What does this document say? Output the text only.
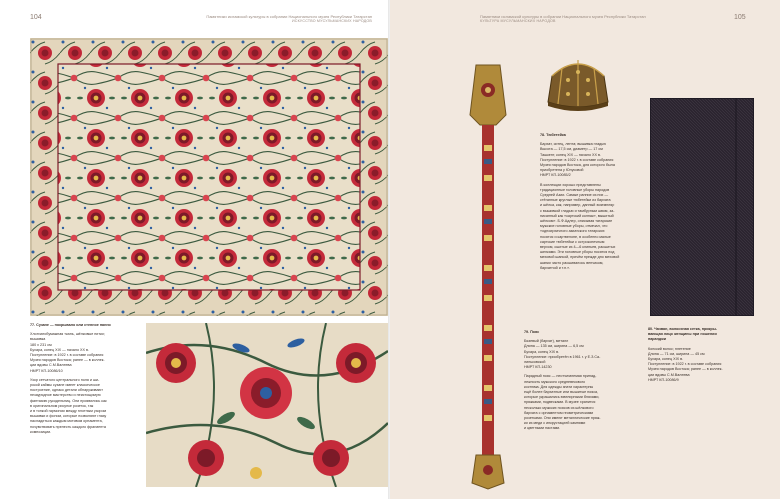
104	Памятники исламской культуры в собрании Национального музея Республики Татарстан
ИСКУССТВО МУСУЛЬМАНСКИХ НАРОДОВ

77. Сузане — покрывало или стенное панно

Хлопчатобумажная ткань, шёлковые нитки;
вышивка
180 х 231 см
Бухара, конец XIX — начало XX в.
Поступление: в 1922 г. в составе собрания
Музея народов Востока; ранее — в коллек-
ции вдовы С.М.Валеева
НМРТ КП-10086/10

Узор сетчатого центрального поля и ши-
рокой каймы сузане имеет классическое
построение, однако детали обнаруживают
незаурядное мастерство и неистощимую
фантазию рукодельниц. Они проявились как
в оригинальном рисунке розеток, так
и в тонкой гармонии между плотным узором
вышивки и фоном, которые позволяют глазу
насладиться каждым мотивом орнамента,
почувствовать прелесть каждого фрагмента
композиции.

105
Памятники исламской культуры в собрании Национального музея Республики Татарстан
КУЛЬТУРА МУСУЛЬМАНСКИХ НАРОДОВ

78. Тюбетейка

Бархат, ситец, лента; вышивка гладью
Высота — 17,5 см, диаметр — 17 см
Ташкент, конец XIX — начало XX в.
Поступление: в 1922 г. в составе собрания
Музея народов Востока, для которого была
приобретена у Юнусовой
НМРТ КП-10085/2

В коллекции хорошо представлены
традиционные головные уборы народов
Средней Азии. Самые ранние из них —
стёганные круглые тюбетейки из бархата
и шёлка, как, например, данный экземпляр
с вышивкой гладью и тамбурным швом, за-
писанный как «картский колпак», вышитый
шёлком». Б.Ф.Адлер, описывая татарские
мужские головные уборы, отмечал, что
«одноирхичного азиатского татарских
носятся и картвелоне, в особенно малые
сартские тюбетейки с остроконечным
верхом, сшитые из 4—6 клиньев, расшитых
шелками. Эти головные уборы носятся под
меховой шапкой, причём прежде дно меховой
шапки часто расшивалось венчиком,
бархатной и т.п.».

79. Пояс

Бязевый (бархат), металл
Длина — 135 см, ширина — 6,5 см
Бухара, конец XIX в.
Поступление: приобретён в 1961 г. у Е.З.Са-
линьковской
НМРТ КП-14230

Парадный пояс — неотъемлемая принад-
лежность мужского средневекового
костюма. Для одежды знати характерны
ещё более бархатные или вышитые пояса,
которые украшались ювелирными бляхами,
пряжками, подвесками. В музее хранится
несколько мужских поясов из шёлкового
бархата с орнаментом геометрическими
розетками. Они имеют металлические пряж-
ки из меди с инкрустацией камнями
и цветными пастами.

80. Чачван, волосяная сетка, прикры-
вающая лицо женщины при ношении
паранджи

Конский волос; плетение
Длина — 71 см, ширина — 45 см
Бухара, конец XIX в.
Поступление: в 1922 г. в составе собрания
Музея народов Востока; ранее — в коллек-
ции вдовы С.М.Валеева
НМРТ КП-10086/9
